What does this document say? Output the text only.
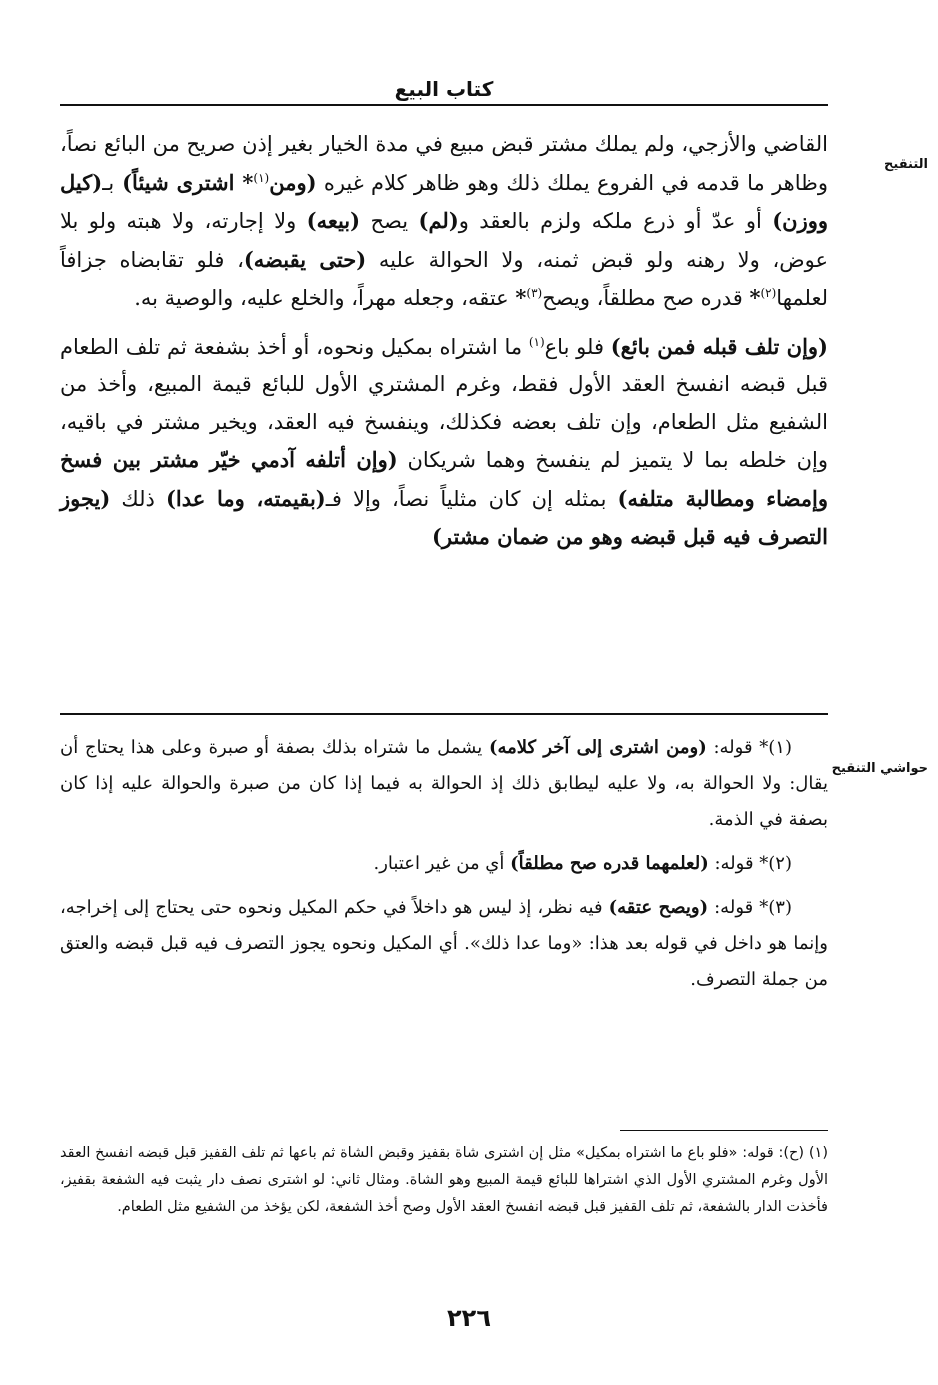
كتاب البيع
التنقيح

القاضي والأزجي، ولم يملك مشتر قبض مبيع في مدة الخيار بغير إذن صريح من البائع نصاً، وظاهر ما قدمه في الفروع يملك ذلك وهو ظاهر كلام غيره (ومن$^{(١)}$* اشترى شيئاً) بـ(كيل ووزن) أو عدّ أو ذرع ملكه ولزم بالعقد و(لم) يصح (بيعه) ولا إجارته، ولا هبته ولو بلا عوض، ولا رهنه ولو قبض ثمنه، ولا الحوالة عليه (حتى يقبضه)، فلو تقابضاه جزافاً لعلمها$^{(٢)}$* قدره صح مطلقاً، ويصح$^{(٣)}$* عتقه، وجعله مهراً، والخلع عليه، والوصية به.

(وإن تلف قبله فمن بائع) فلو باع$^{(١)}$ ما اشتراه بمكيل ونحوه، أو أخذ بشفعة ثم تلف الطعام قبل قبضه انفسخ العقد الأول فقط، وغرم المشتري الأول للبائع قيمة المبيع، وأخذ من الشفيع مثل الطعام، وإن تلف بعضه فكذلك، وينفسخ فيه العقد، ويخير مشتر في باقيه، وإن خلطه بما لا يتميز لم ينفسخ وهما شريكان (وإن أتلفه آدمي خيّر مشتر بين فسخ وإمضاء ومطالبة متلفه) بمثله إن كان مثلياً نصاً، وإلا فـ(بقيمته، وما عدا) ذلك (يجوز التصرف فيه قبل قبضه وهو من ضمان مشتر)

حواشي التنقيح

(١)* قوله: (ومن اشترى إلى آخر كلامه) يشمل ما شتراه بذلك بصفة أو صبرة وعلى هذا يحتاج أن يقال: ولا الحوالة به، ولا عليه ليطابق ذلك إذ الحوالة به فيما إذا كان من صبرة والحوالة عليه إذا كان بصفة في الذمة.

(٢)* قوله: (لعلمهما قدره صح مطلقاً) أي من غير اعتبار.

(٣)* قوله: (ويصح عتقه) فيه نظر، إذ ليس هو داخلاً في حكم المكيل ونحوه حتى يحتاج إلى إخراجه، وإنما هو داخل في قوله بعد هذا: «وما عدا ذلك». أي المكيل ونحوه يجوز التصرف فيه قبل قبضه والعتق من جملة التصرف.

(١) (ح): قوله: «فلو باع ما اشتراه بمكيل» مثل إن اشترى شاة بقفيز وقبض الشاة ثم باعها ثم تلف القفيز قبل قبضه انفسخ العقد الأول وغرم المشتري الأول الذي اشتراها للبائع قيمة المبيع وهو الشاة. ومثال ثاني: لو اشترى نصف دار يثبت فيه الشفعة بقفيز، فأخذت الدار بالشفعة، ثم تلف القفيز قبل قبضه انفسخ العقد الأول وصح أخذ الشفعة، لكن يؤخذ من الشفيع مثل الطعام.

٢٢٦
